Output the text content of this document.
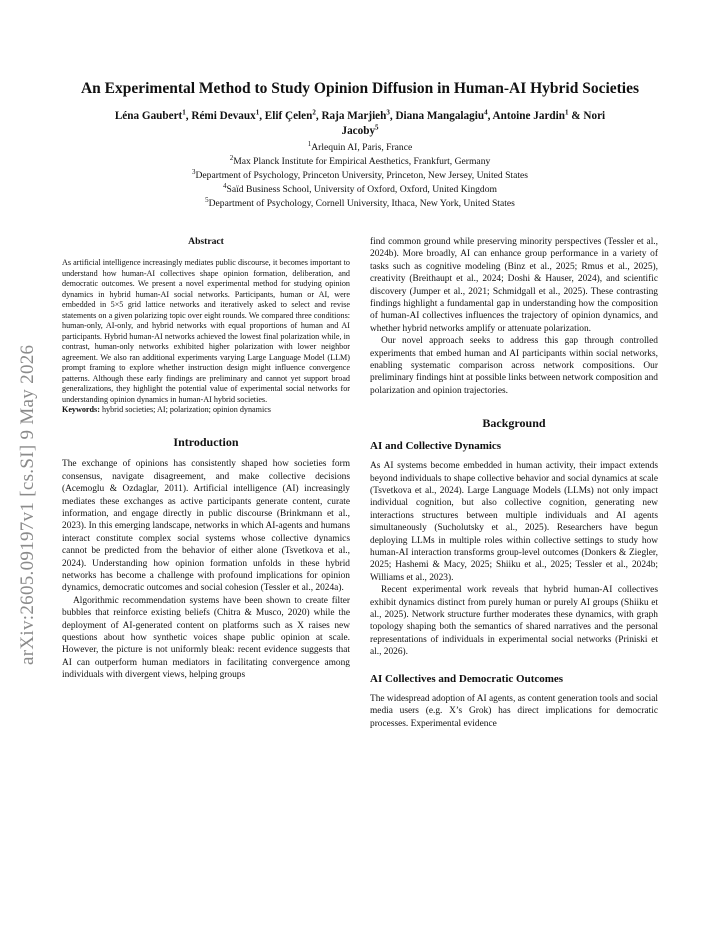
arXiv:2605.09197v1 [cs.SI] 9 May 2026
An Experimental Method to Study Opinion Diffusion in Human-AI Hybrid Societies
Léna Gaubert$^1$, Rémi Devaux$^1$, Elif Çelen$^2$, Raja Marjieh$^3$, Diana Mangalagiu$^4$, Antoine Jardin$^1$ & Nori Jacoby$^5$
$^1$Arlequin AI, Paris, France
$^2$Max Planck Institute for Empirical Aesthetics, Frankfurt, Germany
$^3$Department of Psychology, Princeton University, Princeton, New Jersey, United States
$^4$Saïd Business School, University of Oxford, Oxford, United Kingdom
$^5$Department of Psychology, Cornell University, Ithaca, New York, United States
Abstract

As artificial intelligence increasingly mediates public discourse, it becomes important to understand how human-AI collectives shape opinion formation, deliberation, and democratic outcomes. We present a novel experimental method for studying opinion dynamics in hybrid human-AI social networks. Participants, human or AI, were embedded in 5×5 grid lattice networks and iteratively asked to select and revise statements on a given polarizing topic over eight rounds. We compared three conditions: human-only, AI-only, and hybrid networks with equal proportions of human and AI participants. Hybrid human-AI networks achieved the lowest final polarization while, in contrast, human-only networks exhibited higher polarization with lower neighbor agreement. We also ran additional experiments varying Large Language Model (LLM) prompt framing to explore whether instruction design might influence convergence patterns. Although these early findings are preliminary and cannot yet support broad generalizations, they highlight the potential value of experimental social networks for understanding opinion dynamics in human-AI hybrid societies.

Keywords: hybrid societies; AI; polarization; opinion dynamics

Introduction

The exchange of opinions has consistently shaped how societies form consensus, navigate disagreement, and make collective decisions (Acemoglu & Ozdaglar, 2011). Artificial intelligence (AI) increasingly mediates these exchanges as active participants generate content, curate information, and engage directly in public discourse (Brinkmann et al., 2023). In this emerging landscape, networks in which AI-agents and humans interact constitute complex social systems whose collective dynamics cannot be predicted from the behavior of either alone (Tsvetkova et al., 2024). Understanding how opinion formation unfolds in these hybrid networks has become a challenge with profound implications for opinion dynamics, democratic outcomes and social cohesion (Tessler et al., 2024a).

Algorithmic recommendation systems have been shown to create filter bubbles that reinforce existing beliefs (Chitra & Musco, 2020) while the deployment of AI-generated content on platforms such as X raises new questions about how synthetic voices shape public opinion at scale. However, the picture is not uniformly bleak: recent evidence suggests that AI can outperform human mediators in facilitating convergence among individuals with divergent views, helping groups

find common ground while preserving minority perspectives (Tessler et al., 2024b). More broadly, AI can enhance group performance in a variety of tasks such as cognitive modeling (Binz et al., 2025; Rmus et al., 2025), creativity (Breithaupt et al., 2024; Doshi & Hauser, 2024), and scientific discovery (Jumper et al., 2021; Schmidgall et al., 2025). These contrasting findings highlight a fundamental gap in understanding how the composition of human-AI collectives influences the trajectory of opinion dynamics, and whether hybrid networks amplify or attenuate polarization.

Our novel approach seeks to address this gap through controlled experiments that embed human and AI participants within social networks, enabling systematic comparison across network compositions. Our preliminary findings hint at possible links between network composition and polarization and opinion trajectories.

Background
AI and Collective Dynamics

As AI systems become embedded in human activity, their impact extends beyond individuals to shape collective behavior and social dynamics at scale (Tsvetkova et al., 2024). Large Language Models (LLMs) not only impact individual cognition, but also collective cognition, generating new interactions structures between multiple individuals and AI agents simultaneously (Sucholutsky et al., 2025). Researchers have begun deploying LLMs in multiple roles within collective settings to study how human-AI interaction transforms group-level outcomes (Donkers & Ziegler, 2025; Hashemi & Macy, 2025; Shiiku et al., 2025; Tessler et al., 2024b; Williams et al., 2023).

Recent experimental work reveals that hybrid human-AI collectives exhibit dynamics distinct from purely human or purely AI groups (Shiiku et al., 2025). Network structure further moderates these dynamics, with graph topology shaping both the semantics of shared narratives and the personal representations of individuals in experimental social networks (Priniski et al., 2026).

AI Collectives and Democratic Outcomes

The widespread adoption of AI agents, as content generation tools and social media users (e.g. X’s Grok) has direct implications for democratic processes. Experimental evidence
